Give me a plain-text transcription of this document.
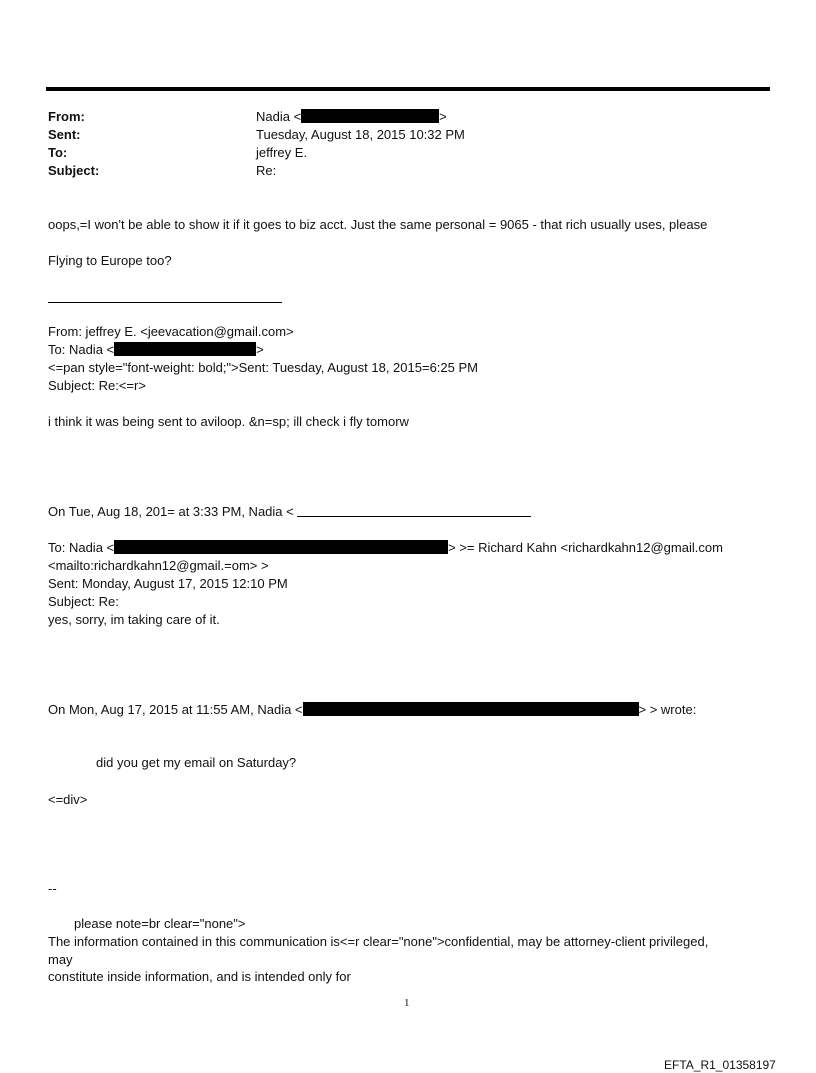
From:	Nadia <	>
Sent:	Tuesday, August 18, 2015 10:32 PM
To:	jeffrey E.
Subject:	Re:
oops,=I won't be able to show it if it goes to biz acct. Just the same personal = 9065 - that rich usually uses, please
Flying to Europe too?
From: jeffrey E. <jeevacation@gmail.com>
To: Nadia <	>
<=pan style="font-weight: bold;">Sent: Tuesday, August 18, 2015=6:25 PM
Subject: Re:<=r>
i think it was being sent to aviloop. &n=sp; ill check i fly tomorw
On Tue, Aug 18, 201= at 3:33 PM, Nadia <
To: Nadia <	> >= Richard Kahn <richardkahn12@gmail.com
<mailto:richardkahn12@gmail.=om> >
Sent: Monday, August 17, 2015 12:10 PM
Subject: Re:
yes, sorry, im taking care of it.
On Mon, Aug 17, 2015 at 11:55 AM, Nadia <	> > wrote:
did you get my email on Saturday?
<=div>
--
please note=br clear="none">
The information contained in this communication is<=r clear="none">confidential, may be attorney-client privileged,
may
constitute inside information, and is intended only for
1
EFTA_R1_01358197
